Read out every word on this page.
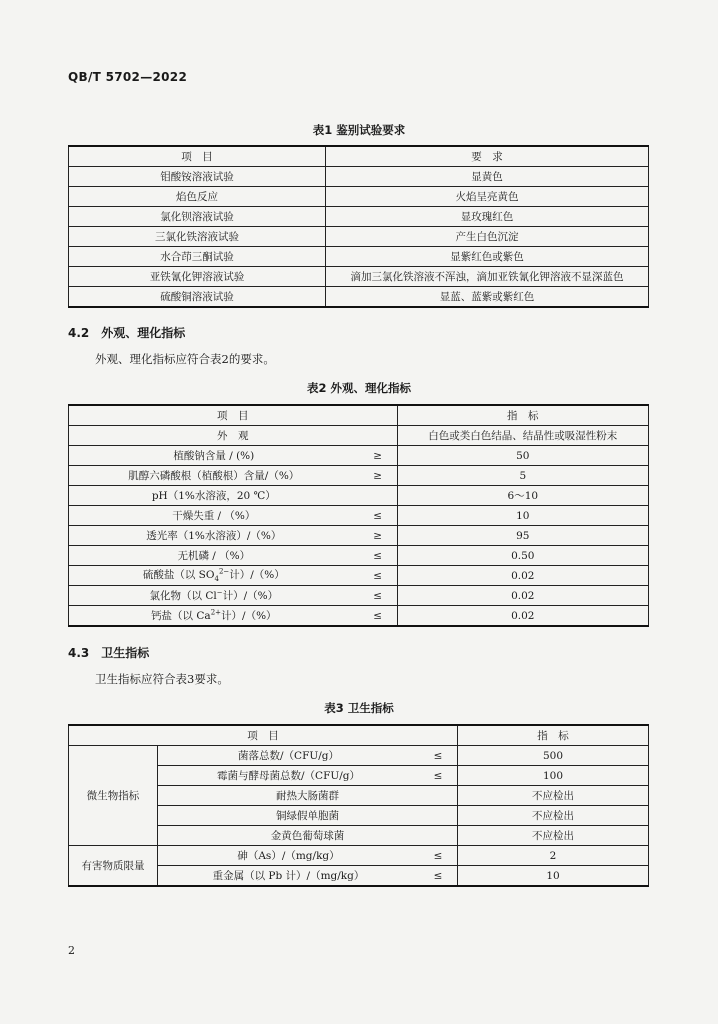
QB/T 5702—2022
表1 鉴别试验要求
项　目	要　求
钼酸铵溶液试验	显黄色
焰色反应	火焰呈亮黄色
氯化钡溶液试验	显玫瑰红色
三氯化铁溶液试验	产生白色沉淀
水合茚三酮试验	显紫红色或紫色
亚铁氰化钾溶液试验	滴加三氯化铁溶液不浑浊，滴加亚铁氰化钾溶液不显深蓝色
硫酸铜溶液试验	显蓝、蓝紫或紫红色
4.2 外观、理化指标
外观、理化指标应符合表2的要求。
表2 外观、理化指标
项　目		指　标
外　观		白色或类白色结晶、结晶性或吸湿性粉末
植酸钠含量 / (%)	≥	50
肌醇六磷酸根（植酸根）含量/（%）	≥	5
pH（1%水溶液，20 ℃）		6～10
干燥失重 / （%）	≤	10
透光率（1%水溶液）/（%）	≥	95
无机磷 / （%）	≤	0.50
硫酸盐（以 $SO_4^{2-}$计）/（%）	≤	0.02
氯化物（以 Cl−计）/（%）	≤	0.02
钙盐（以 $Ca^{2+}$计）/（%）	≤	0.02
4.3 卫生指标
卫生指标应符合表3要求。
表3 卫生指标
项　目			指　标
微生物指标	菌落总数/（CFU/g）	≤	500
	霉菌与酵母菌总数/（CFU/g）	≤	100
	耐热大肠菌群		不应检出
	铜绿假单胞菌		不应检出
	金黄色葡萄球菌		不应检出
有害物质限量	砷（As）/（mg/kg）	≤	2
	重金属（以 Pb 计）/（mg/kg）	≤	10
2
